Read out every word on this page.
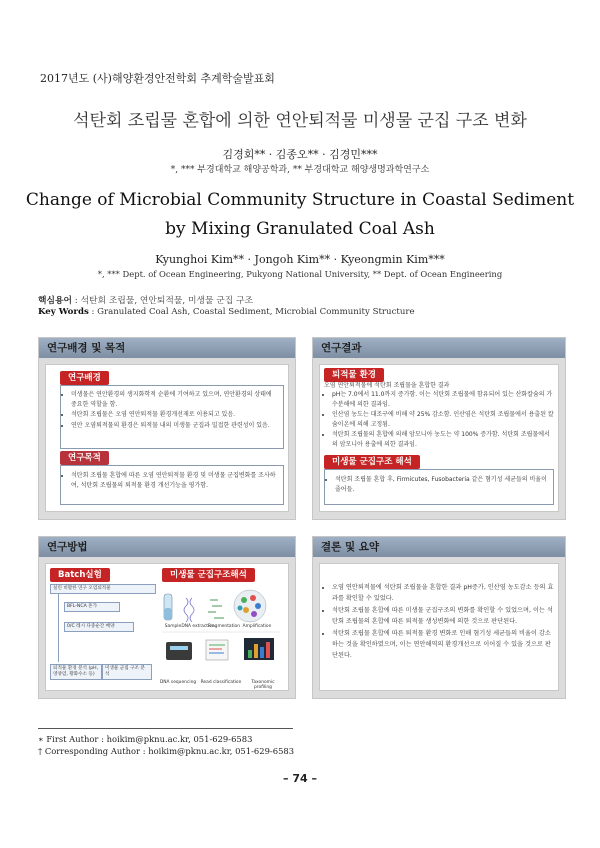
2017년도 (사)해양환경안전학회 추계학술발표회
석탄회 조립물 혼합에 의한 연안퇴적물 미생물 군집 구조 변화
김경회** · 김종오** · 김경민***
*, *** 부경대학교 해양공학과, ** 부경대학교 해양생명과학연구소
Change of Microbial Community Structure in Coastal Sediment
by Mixing Granulated Coal Ash
Kyunghoi Kim** · Jongoh Kim** · Kyeongmin Kim***
*, *** Dept. of Ocean Engineering, Pukyong National University, ** Dept. of Ocean Engineering
핵심용어 : 석탄회 조립물, 연안퇴적물, 미생물 군집 구조
Key Words : Granulated Coal Ash, Coastal Sediment, Microbial Community Structure
연구배경 및 목적
연구배경
• 미생물은 연안환경의 생지화학적 순환에 기여하고 있으며, 연안환경의 상태에 중요한 역할을 함.
• 석탄회 조립물은 오염 연안퇴적물 환경개선재로 이용되고 있음.
• 연안 오염퇴적물의 환경은 퇴적물 내의 미생물 군집과 밀접한 관련성이 있음.
연구목적
• 석탄회 조립물 혼합에 따른 오염 연안퇴적물 환경 및 미생물 군집변화를 조사하여, 석탄회 조립물의 퇴적물 환경 개선기능을 평가함.
연구결과
퇴적물 환경
오염 연안퇴적물에 석탄회 조립물을 혼합한 결과
• pH는 7.0에서 11.0까지 증가함. 이는 석탄회 조립물에 함유되어 있는 산화칼슘의 가수분해에 의한 결과임.
• 인산염 농도는 대조구에 비해 약 25% 감소함. 인산염은 석탄회 조립물에서 용출된 칼슘이온에 의해 고정됨.
• 석탄회 조립물의 혼합에 의해 암모니아 농도는 약 100% 증가함. 석탄회 조립물에서의 암모니아 용출에 의한 결과임.
미생물 군집구조 해석
• 석탄회 조립물 혼합 후, Firmicutes, Fusobacteria 같은 혐기성 세균들의 비율이 줄어들.
연구방법
Batch실험	미생물 군집구조해석
실린 비활한 연구 오염퇴적물
BFL-NCA 혼가
0/C 레시 다중순간 배양
퇴적물 환경 분석 (pH, 영양염, 황화수소 등)
미생물 군집 구조 분석
Sample DNA extraction
Fragmentation Amplification
DNA sequencing	Read classification	Taxonomic profiling
결론 및 요약
• 오염 연안퇴적물에 석탄회 조립물을 혼합한 결과 pH증가, 인산염 농도감소 등의 효과를 확인할 수 있었다.
• 석탄회 조립물 혼합에 따른 미생물 군집구조의 변화를 확인할 수 있었으며, 이는 석탄회 조립물의 혼합에 따른 퇴적물 생성변화에 의한 것으로 판단된다.
• 석탄회 조립물 혼합에 따른 퇴적물 환경 변화로 인해 혐기성 세균들의 비율이 감소하는 것을 확인하였으며, 이는 연안해역의 환경개선으로 이어질 수 있을 것으로 판단된다.
∗ First Author : hoikim@pknu.ac.kr, 051-629-6583
† Corresponding Author : hoikim@pknu.ac.kr, 051-629-6583
– 74 –
